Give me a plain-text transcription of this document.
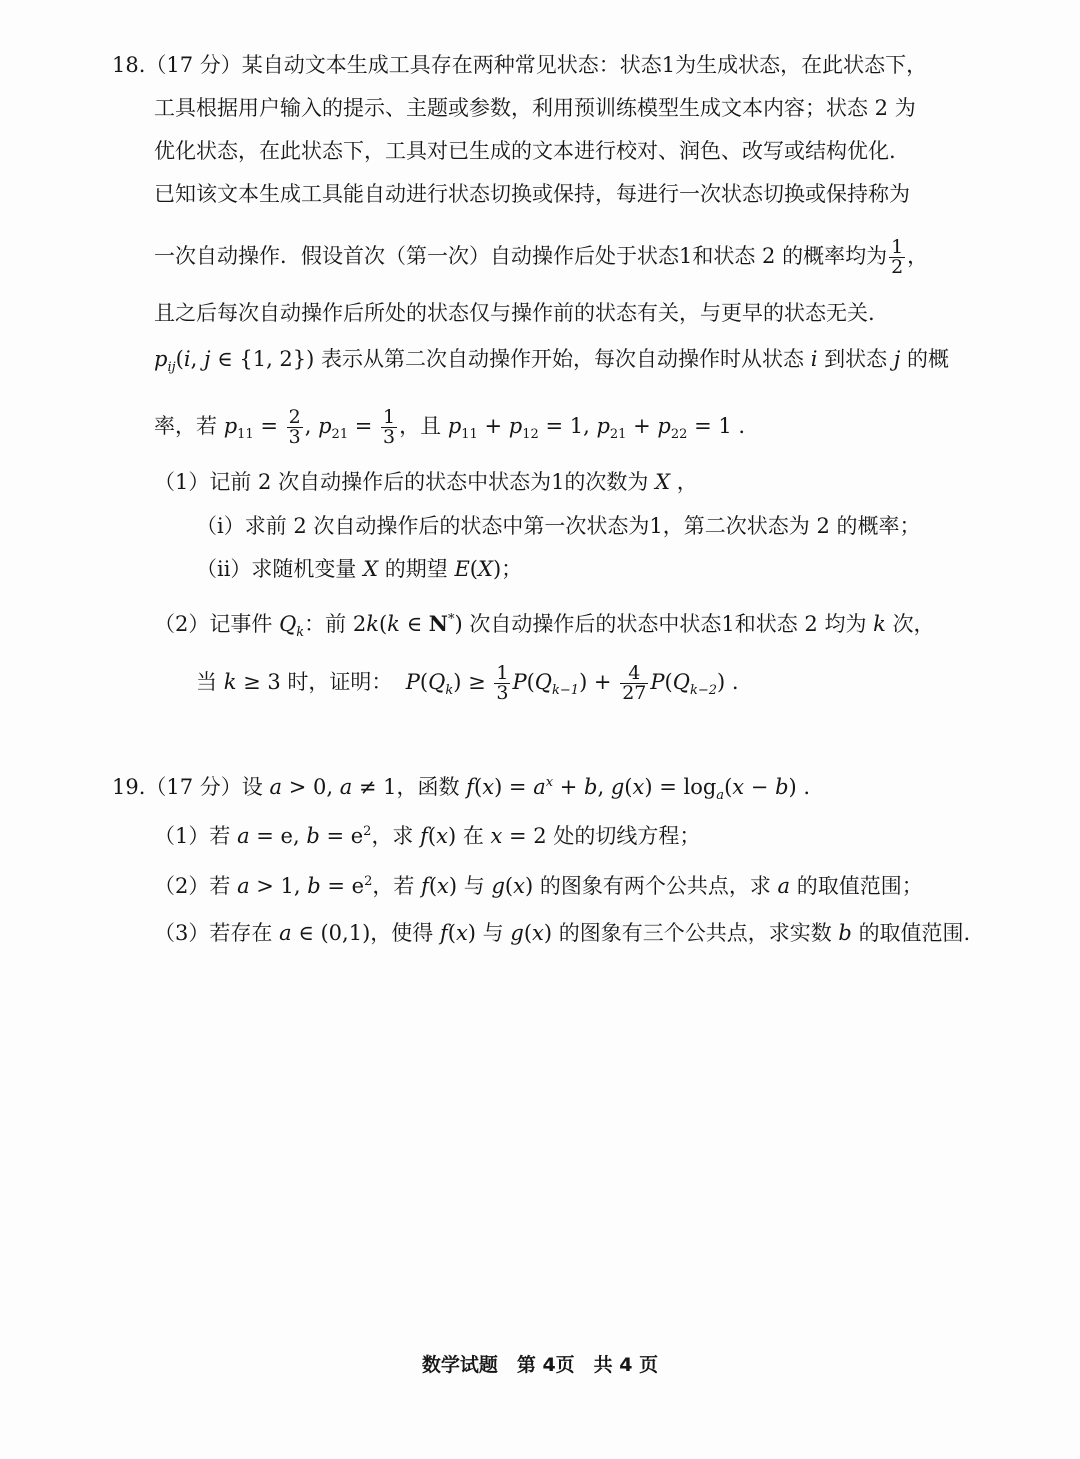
18.（17 分）某自动文本生成工具存在两种常见状态：状态1为生成状态，在此状态下，
工具根据用户输入的提示、主题或参数，利用预训练模型生成文本内容；状态 2 为
优化状态，在此状态下，工具对已生成的文本进行校对、润色、改写或结构优化.
已知该文本生成工具能自动进行状态切换或保持，每进行一次状态切换或保持称为
一次自动操作．假设首次（第一次）自动操作后处于状态1和状态 2 的概率均为 $\frac{1}{2}$ ，
且之后每次自动操作后所处的状态仅与操作前的状态有关，与更早的状态无关.
$p_{ij}(i$, j ∈ {1, 2}) 表示从第二次自动操作开始，每次自动操作时从状态 i 到状态 j 的概
率，若 $p_{11} = \frac{2}{3}$ , $p_{21} = \frac{1}{3}$ ，且 $p_{11} + p_{12} = 1$, $p_{21} + p_{22} = 1$ .
（1）记前 2 次自动操作后的状态中状态为1的次数为 X ，
（i）求前 2 次自动操作后的状态中第一次状态为1，第二次状态为 2 的概率；
（ii）求随机变量 X 的期望 E(X)；
（2）记事件 $Q_k$：前 2k(k ∈ N*) 次自动操作后的状态中状态1和状态 2 均为 k 次，
当 k ≥ 3 时，证明： $P(Q_k) \ge \frac{1}{3} P(Q_{k-1}) + \frac{4}{27} P(Q_{k-2})$ .
19.（17 分）设 a > 0, a ≠ 1，函数 $f(x) = a^x + b$, $g(x) = \log_a(x - b)$ .
（1）若 a = e, $b = e^2$，求 f(x) 在 x = 2 处的切线方程；
（2）若 a > 1, $b = e^2$，若 f(x) 与 g(x) 的图象有两个公共点，求 a 的取值范围；
（3）若存在 a ∈ (0,1)，使得 f(x) 与 g(x) 的图象有三个公共点，求实数 b 的取值范围.
数学试题　第 4页　共 4 页
